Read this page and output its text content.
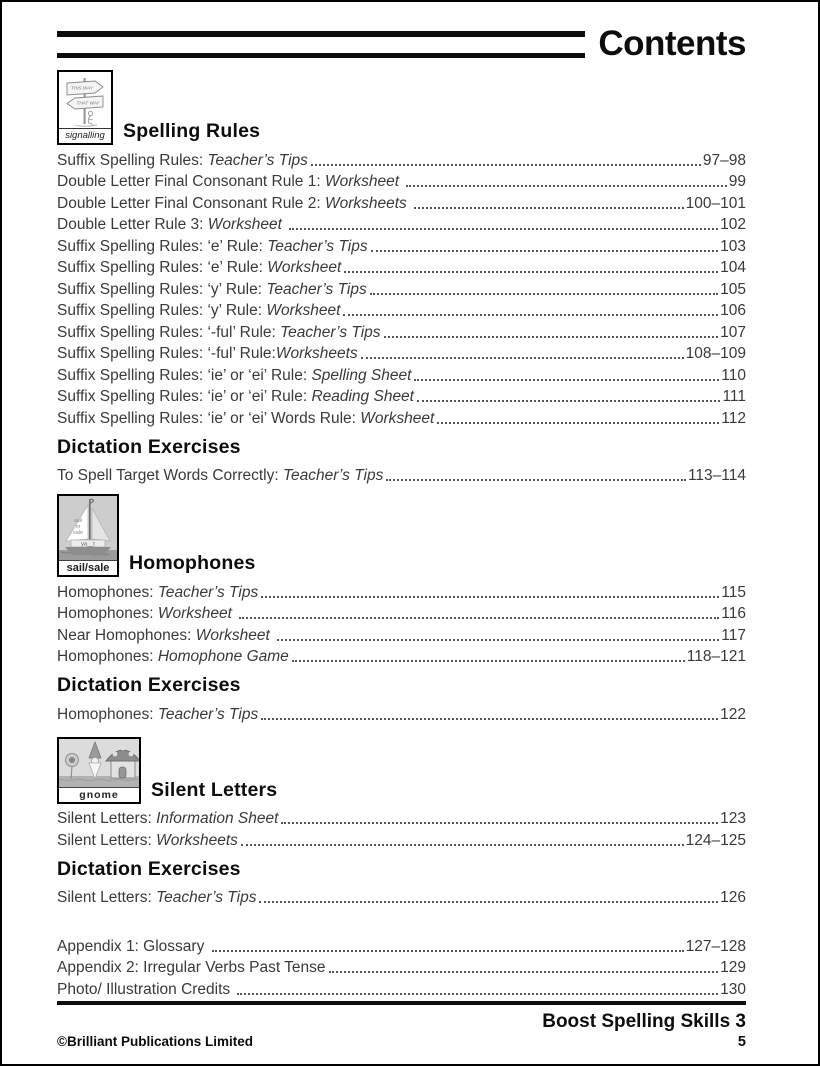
Contents
THIS WAY
THAT WAY
signalling Spelling Rules
Suffix Spelling Rules: Teacher’s Tips	97–98
Double Letter Final Consonant Rule 1: Worksheet	99
Double Letter Final Consonant Rule 2: Worksheets	100–101
Double Letter Rule 3: Worksheet	102
Suffix Spelling Rules: ‘e’ Rule: Teacher’s Tips	103
Suffix Spelling Rules: ‘e’ Rule: Worksheet	104
Suffix Spelling Rules: ‘y’ Rule: Teacher’s Tips	105
Suffix Spelling Rules: ‘y’ Rule: Worksheet	106
Suffix Spelling Rules: ‘-ful’ Rule: Teacher’s Tips	107
Suffix Spelling Rules: ‘-ful’ Rule: Worksheets	108–109
Suffix Spelling Rules: ‘ie’ or ‘ei’ Rule: Spelling Sheet	110
Suffix Spelling Rules: ‘ie’ or ‘ei’ Rule: Reading Sheet	111
Suffix Spelling Rules: ‘ie’ or ‘ei’ Words Rule: Worksheet	112
Dictation Exercises
To Spell Target Words Correctly: Teacher’s Tips	113–114
sail
or
sale
ya__t
sail/sale	Homophones
Homophones: Teacher’s Tips	115
Homophones: Worksheet	116
Near Homophones: Worksheet	117
Homophones: Homophone Game	118–121
Dictation Exercises
Homophones: Teacher’s Tips	122
gnome	Silent Letters
Silent Letters: Information Sheet	123
Silent Letters: Worksheets	124–125
Dictation Exercises
Silent Letters: Teacher’s Tips	126
Appendix 1: Glossary	127–128
Appendix 2: Irregular Verbs Past Tense	129
Photo/ Illustration Credits	130
Boost Spelling Skills 3
©Brilliant Publications Limited	5
